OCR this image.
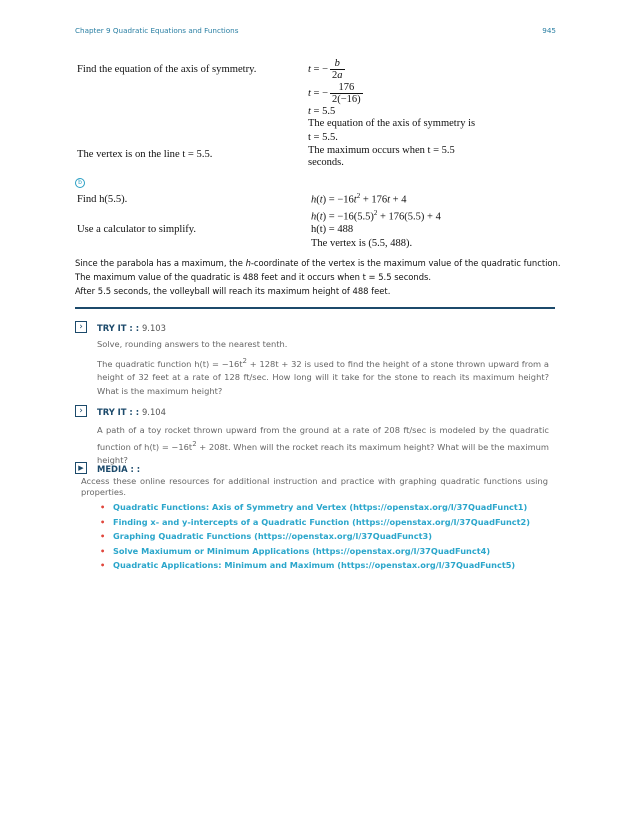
Chapter 9 Quadratic Equations and Functions	945
Find the equation of the axis of symmetry.	t = − $\frac{b}{2a}$
t = − $\frac{176}{2(-16)}$
t = 5.5
The equation of the axis of symmetry is
t = 5.5.
The vertex is on the line t = 5.5.	The maximum occurs when t = 5.5
seconds.
b
Find h(5.5).	$h(t) = -16t^2 + 176t + 4$
$h(t) = -16(5.5)^2 + 176(5.5) + 4$
Use a calculator to simplify.	h(t) = 488
The vertex is (5.5, 488).
Since the parabola has a maximum, the h-coordinate of the vertex is the maximum value of the quadratic function.
The maximum value of the quadratic is 488 feet and it occurs when t = 5.5 seconds.
After 5.5 seconds, the volleyball will reach its maximum height of 488 feet.
› TRY IT : : 9.103
Solve, rounding answers to the nearest tenth.
The quadratic function $h(t) = -16t^2 + 128t + 32$ is used to find the height of a stone thrown upward from a height of 32 feet at a rate of 128 ft/sec. How long will it take for the stone to reach its maximum height? What is the maximum height?
› TRY IT : : 9.104
A path of a toy rocket thrown upward from the ground at a rate of 208 ft/sec is modeled by the quadratic function of $h(t) = -16t^2 + 208t$. When will the rocket reach its maximum height? What will be the maximum height?
▶ MEDIA : :
Access these online resources for additional instruction and practice with graphing quadratic functions using properties.
• Quadratic Functions: Axis of Symmetry and Vertex (https://openstax.org/l/37QuadFunct1)
• Finding x- and y-intercepts of a Quadratic Function (https://openstax.org/l/37QuadFunct2)
• Graphing Quadratic Functions (https://openstax.org/l/37QuadFunct3)
• Solve Maxiumum or Minimum Applications (https://openstax.org/l/37QuadFunct4)
• Quadratic Applications: Minimum and Maximum (https://openstax.org/l/37QuadFunct5)
